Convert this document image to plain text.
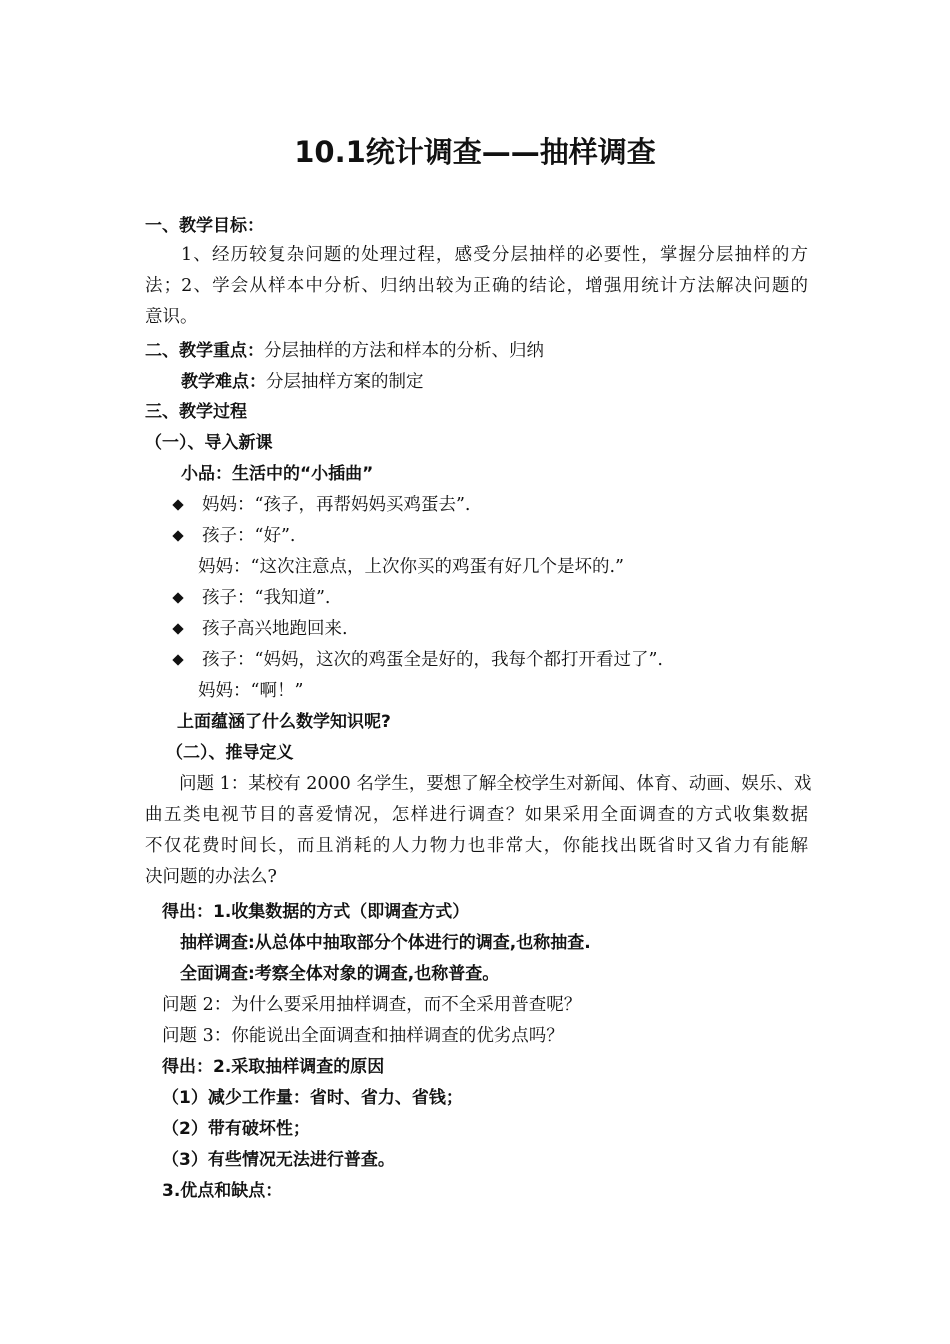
10.1统计调查——抽样调查
一、教学目标：
1、经历较复杂问题的处理过程，感受分层抽样的必要性，掌握分层抽样的方
法；2、学会从样本中分析、归纳出较为正确的结论，增强用统计方法解决问题的
意识。
二、教学重点：分层抽样的方法和样本的分析、归纳
教学难点：分层抽样方案的制定
三、教学过程
（一）、导入新课
小品：生活中的“小插曲”
妈妈：“孩子，再帮妈妈买鸡蛋去”.
孩子：“好”.
妈妈：“这次注意点，上次你买的鸡蛋有好几个是坏的.”
孩子：“我知道”.
孩子高兴地跑回来.
孩子：“妈妈，这次的鸡蛋全是好的，我每个都打开看过了”.
妈妈：“啊！”
上面蕴涵了什么数学知识呢?
（二）、推导定义
问题 1：某校有 2000 名学生，要想了解全校学生对新闻、体育、动画、娱乐、戏
曲五类电视节目的喜爱情况，怎样进行调查？如果采用全面调查的方式收集数据
不仅花费时间长，而且消耗的人力物力也非常大，你能找出既省时又省力有能解
决问题的办法么?
得出：1.收集数据的方式（即调查方式）
抽样调查:从总体中抽取部分个体进行的调查,也称抽查.
全面调查:考察全体对象的调查,也称普查。
问题 2：为什么要采用抽样调查，而不全采用普查呢？
问题 3：你能说出全面调查和抽样调查的优劣点吗？
得出：2.采取抽样调查的原因
（1）减少工作量：省时、省力、省钱；
（2）带有破坏性；
（3）有些情况无法进行普查。
3.优点和缺点：
